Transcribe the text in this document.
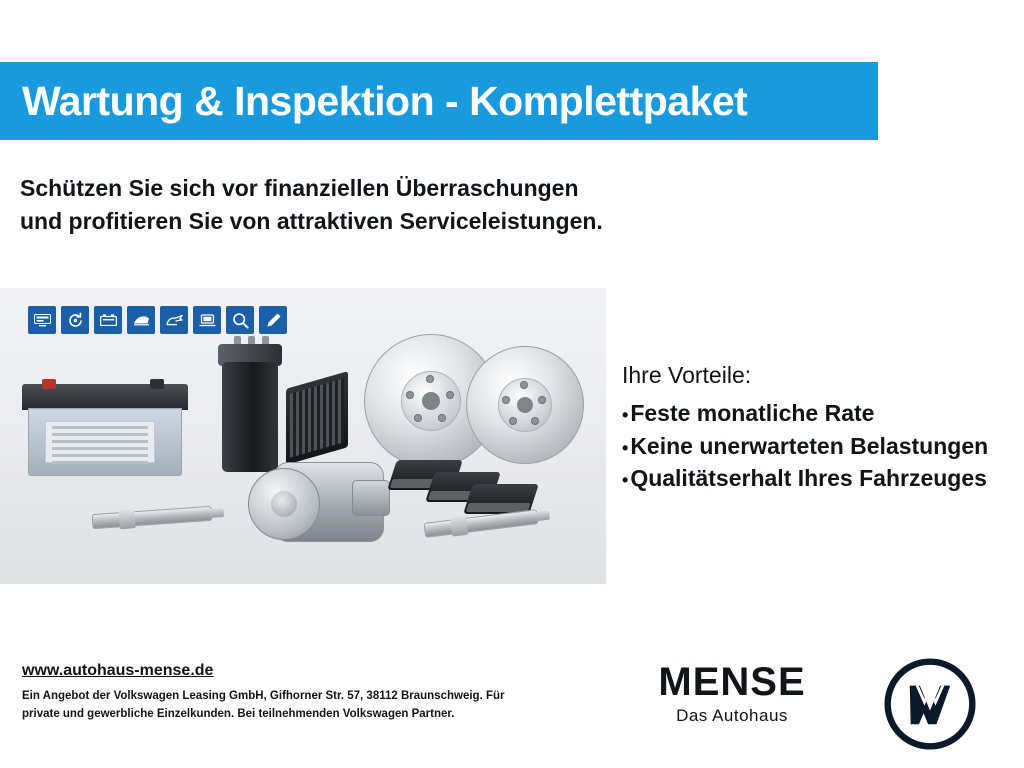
Wartung & Inspektion - Komplettpaket
Schützen Sie sich vor finanziellen Überraschungen
und profitieren Sie von attraktiven Serviceleistungen.
Ihre Vorteile:
•Feste monatliche Rate
•Keine unerwarteten Belastungen
•Qualitätserhalt Ihres Fahrzeuges
www.autohaus-mense.de
Ein Angebot der Volkswagen Leasing GmbH, Gifhorner Str. 57, 38112 Braunschweig. Für
private und gewerbliche Einzelkunden. Bei teilnehmenden Volkswagen Partner.
MENSE
Das Autohaus
